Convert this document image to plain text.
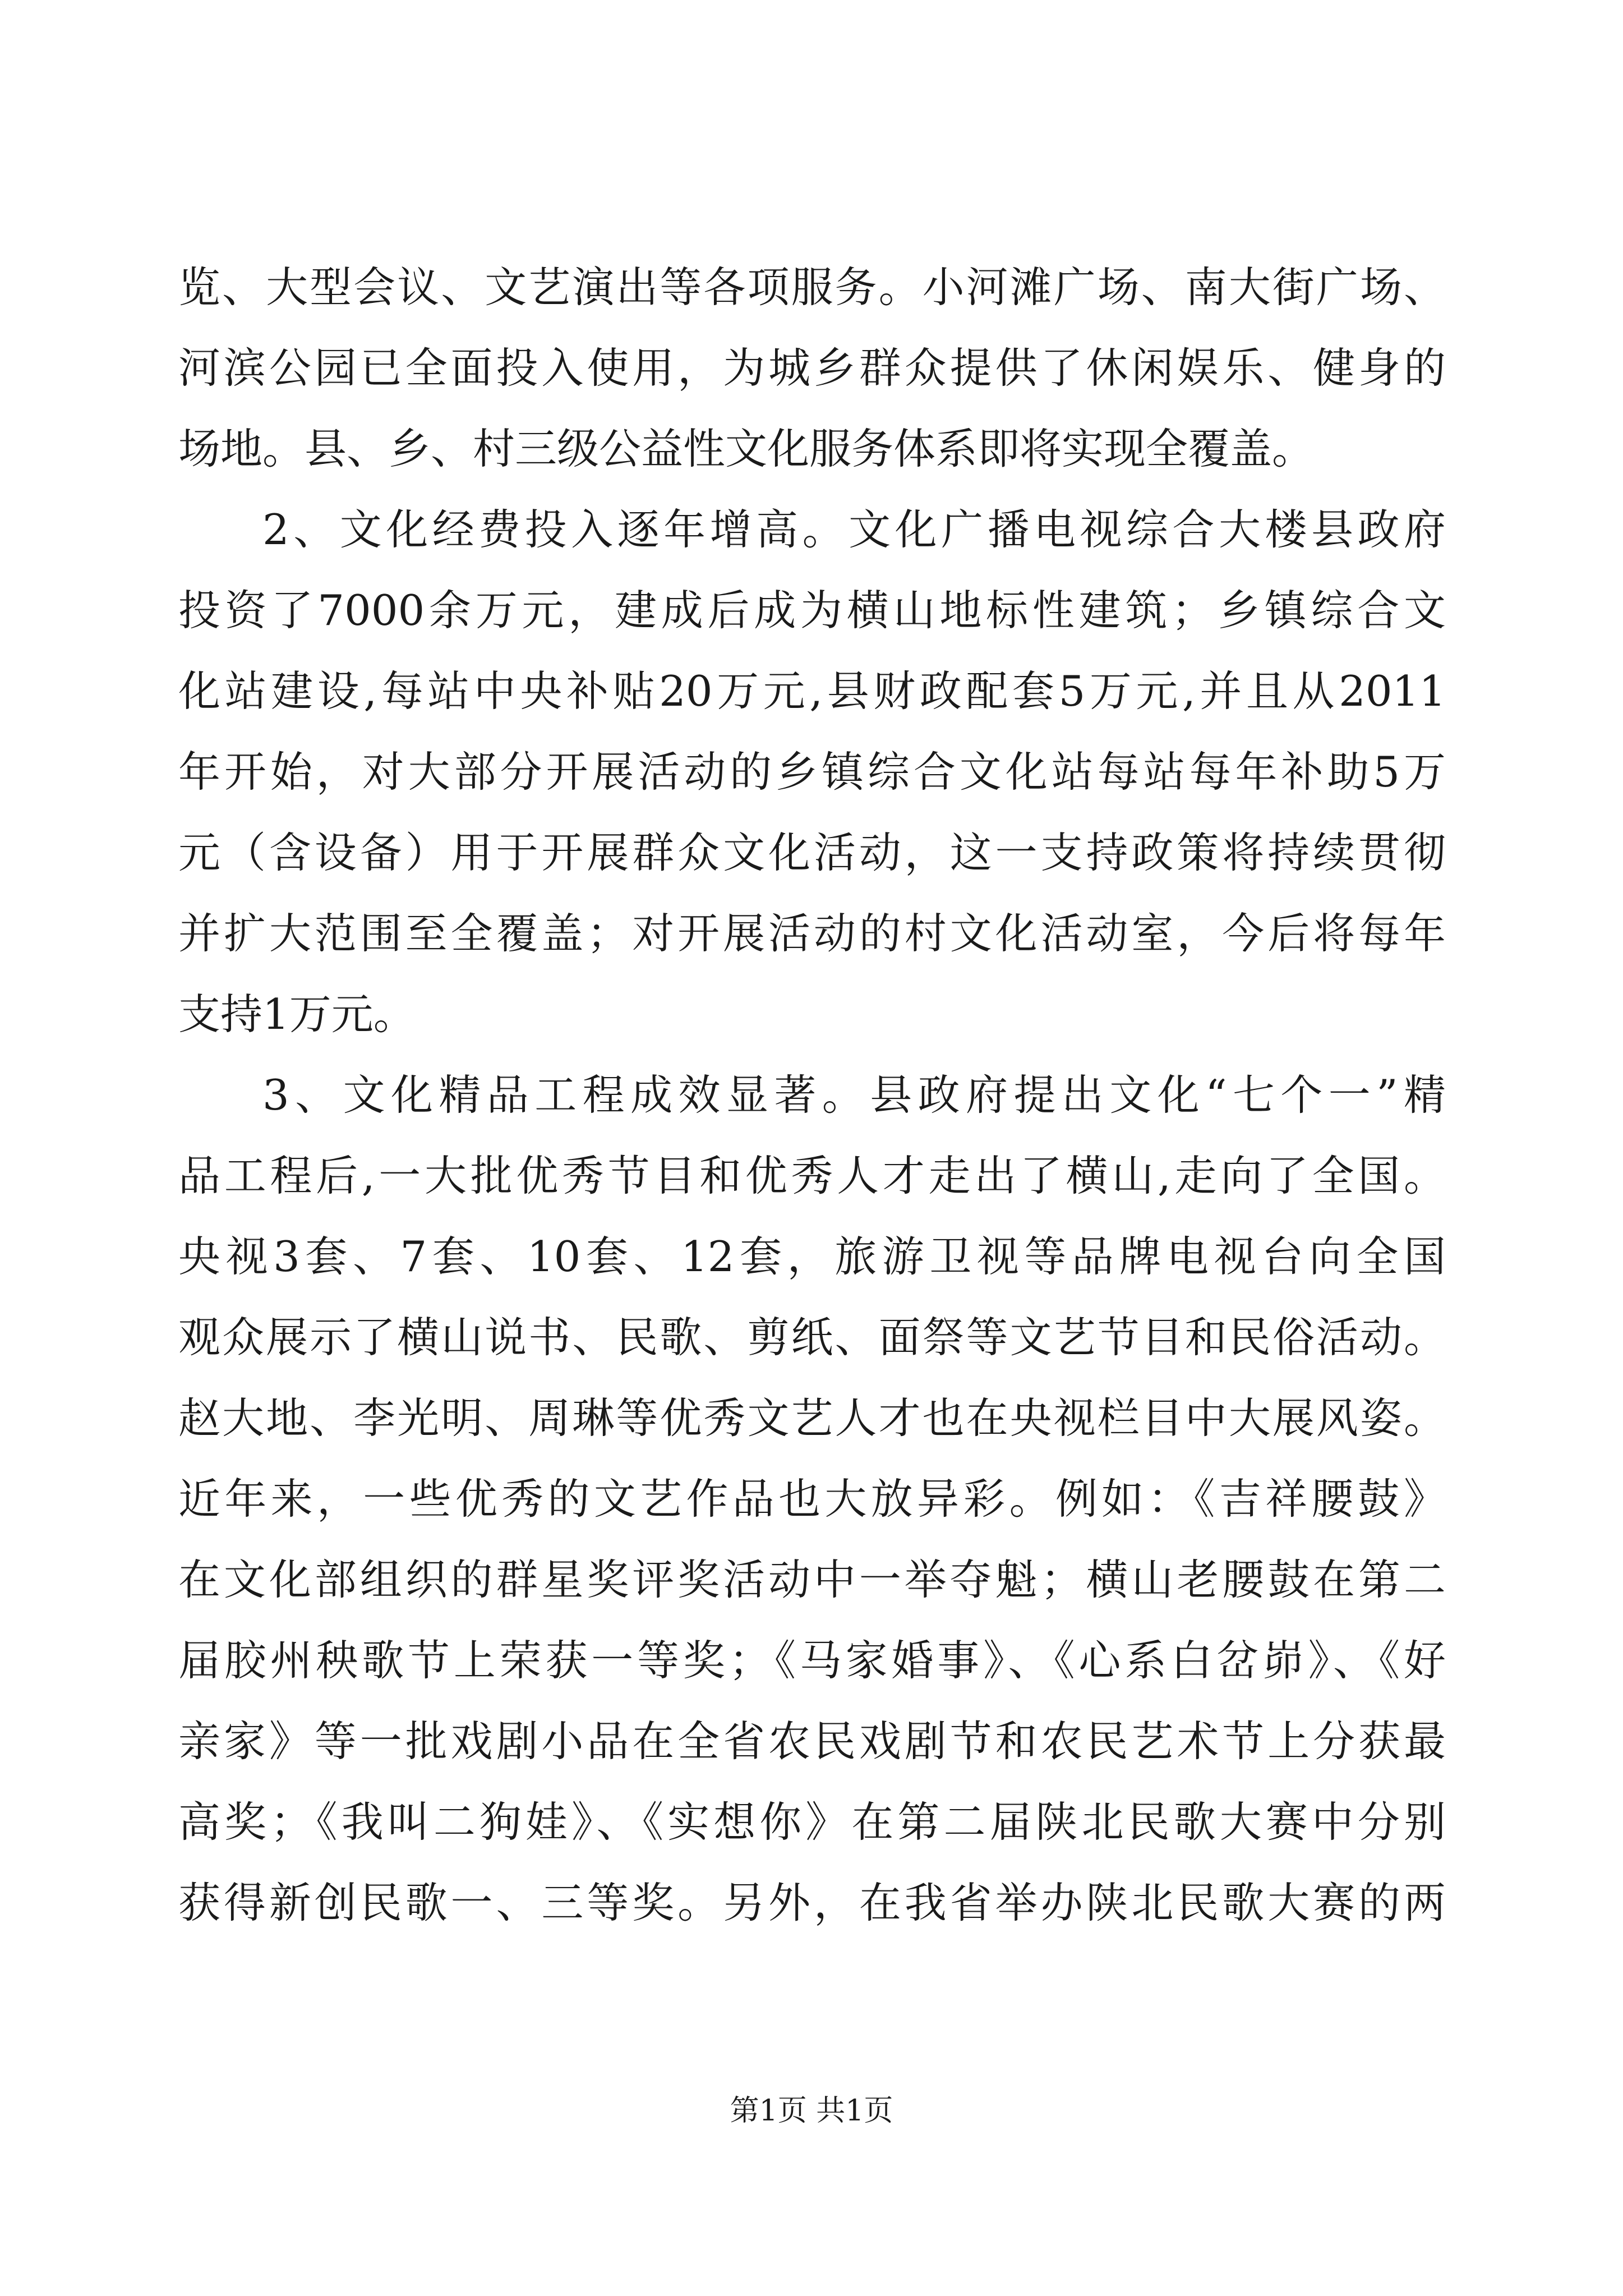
览、大型会议、文艺演出等各项服务。小河滩广场、南大街广场、
河滨公园已全面投入使用，为城乡群众提供了休闲娱乐、健身的
场地。县、乡、村三级公益性文化服务体系即将实现全覆盖。
2、文化经费投入逐年增高。文化广播电视综合大楼县政府
投资了7000余万元，建成后成为横山地标性建筑；乡镇综合文
化站建设,每站中央补贴20万元,县财政配套5万元,并且从2011
年开始，对大部分开展活动的乡镇综合文化站每站每年补助5万
元（含设备）用于开展群众文化活动，这一支持政策将持续贯彻
并扩大范围至全覆盖；对开展活动的村文化活动室，今后将每年
支持1万元。
3、文化精品工程成效显著。县政府提出文化“七个一”精
品工程后,一大批优秀节目和优秀人才走出了横山,走向了全国。
央视3套、7套、10套、12套，旅游卫视等品牌电视台向全国
观众展示了横山说书、民歌、剪纸、面祭等文艺节目和民俗活动。
赵大地、李光明、周琳等优秀文艺人才也在央视栏目中大展风姿。
近年来，一些优秀的文艺作品也大放异彩。例如：《吉祥腰鼓》
在文化部组织的群星奖评奖活动中一举夺魁；横山老腰鼓在第二
届胶州秧歌节上荣获一等奖；《马家婚事》、《心系白岔峁》、《好
亲家》等一批戏剧小品在全省农民戏剧节和农民艺术节上分获最
高奖；《我叫二狗娃》、《实想你》在第二届陕北民歌大赛中分别
获得新创民歌一、三等奖。另外，在我省举办陕北民歌大赛的两
第1页 共1页
